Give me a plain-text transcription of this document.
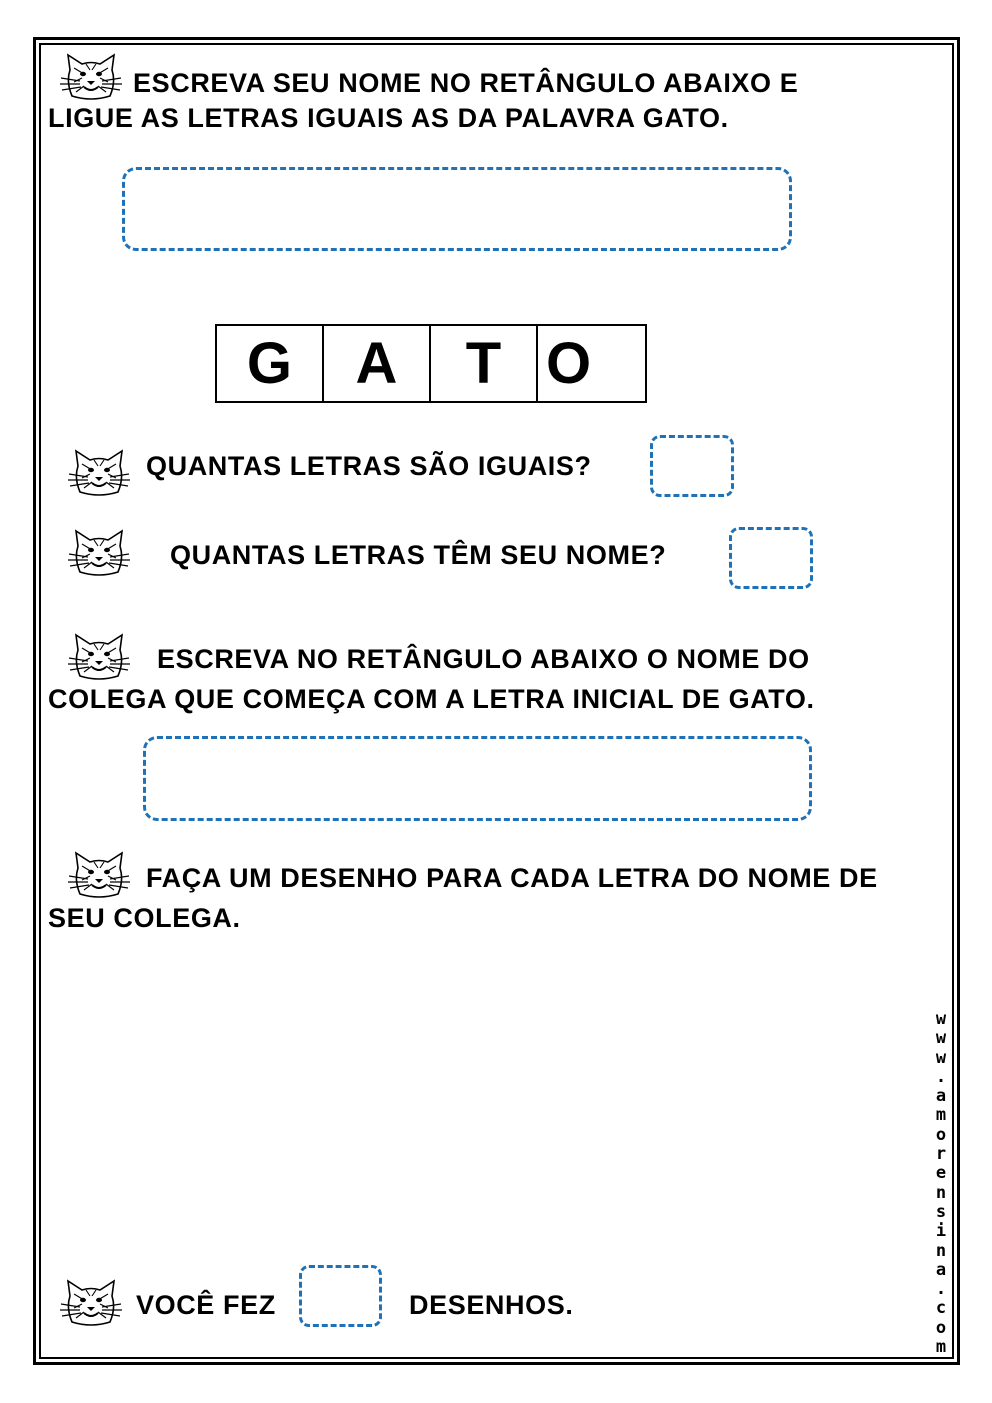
ESCREVA SEU NOME NO RETÂNGULO ABAIXO E
LIGUE AS LETRAS IGUAIS AS DA PALAVRA GATO.
G	A	T O
QUANTAS LETRAS SÃO IGUAIS?
QUANTAS LETRAS TÊM SEU NOME?
ESCREVA NO RETÂNGULO ABAIXO O NOME DO
COLEGA QUE COMEÇA COM A LETRA INICIAL DE GATO.
FAÇA UM DESENHO PARA CADA LETRA DO NOME DE
SEU COLEGA.
VOCÊ FEZ	DESENHOS.
w
w
w
.
a
m
o
r
e
n
s
i
n
a
.
c
o
m
